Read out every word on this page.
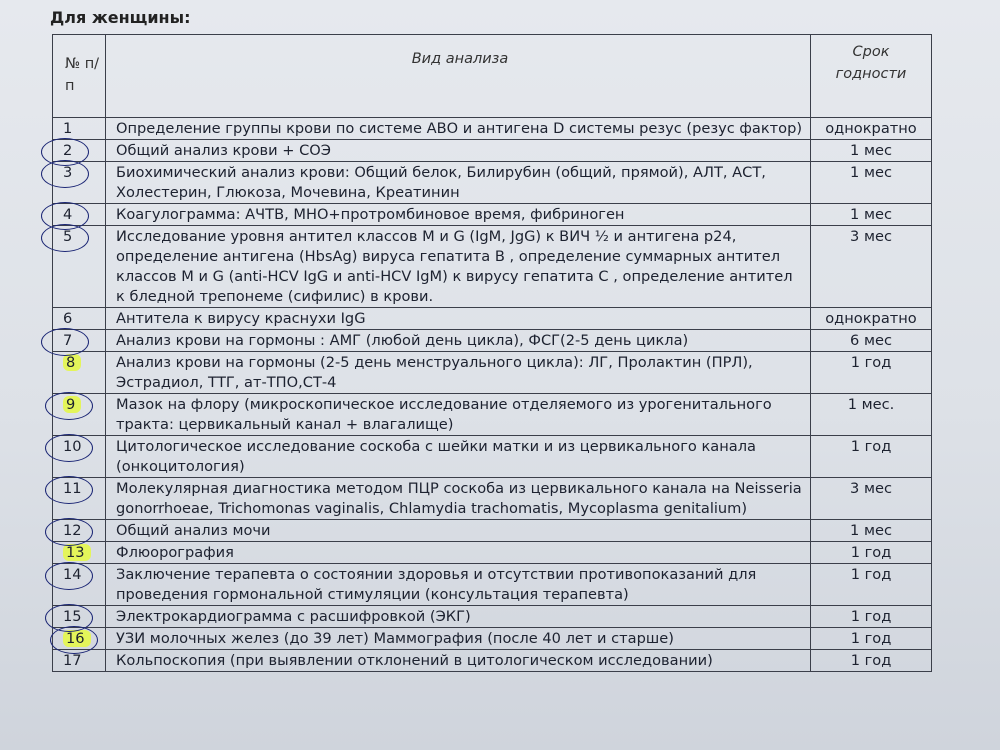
Для женщины:
№ п/ п	Вид анализа	Срок годности
1	Определение группы крови по системе АВО и антигена D системы резус (резус фактор)	однократно
2	Общий анализ крови + СОЭ	1 мес
3	Биохимический анализ крови: Общий белок, Билирубин (общий, прямой), АЛТ, АСТ, Холестерин, Глюкоза, Мочевина, Креатинин	1 мес
4	Коагулограмма: АЧТВ, МНО+протромбиновое время, фибриноген	1 мес
5	Исследование уровня антител классов M и G (IgM, JgG) к ВИЧ ½ и антигена p24, определение антигена (HbsAg) вируса гепатита В , определение суммарных антител классов M и G (anti-HCV IgG и anti-HCV IgM) к вирусу гепатита С , определение антител к бледной трепонеме (сифилис) в крови.	3 мес
6	Антитела к вирусу краснухи IgG	однократно
7	Анализ крови на гормоны : АМГ (любой день цикла), ФСГ(2-5 день цикла)	6 мес
8	Анализ крови на гормоны (2-5 день менструального цикла): ЛГ, Пролактин (ПРЛ), Эстрадиол, ТТГ, ат-ТПО,СТ-4	1 год
9	Мазок на флору (микроскопическое исследование отделяемого из урогенитального тракта: цервикальный канал + влагалище)	1 мес.
10	Цитологическое исследование соскоба с шейки матки и из цервикального канала (онкоцитология)	1 год
11	Молекулярная диагностика методом ПЦР соскоба из цервикального канала на Neisseria gonorrhoeae, Trichomonas vaginalis, Chlamydia trachomatis, Mycoplasma genitalium)	3 мес
12	Общий анализ мочи	1 мес
13	Флюорография	1 год
14	Заключение терапевта о состоянии здоровья и отсутствии противопоказаний для проведения гормональной стимуляции (консультация терапевта)	1 год
15	Электрокардиограмма с расшифровкой (ЭКГ)	1 год
16	УЗИ молочных желез (до 39 лет) Маммография (после 40 лет и старше)	1 год
17	Кольпоскопия (при выявлении отклонений в цитологическом исследовании)	1 год
